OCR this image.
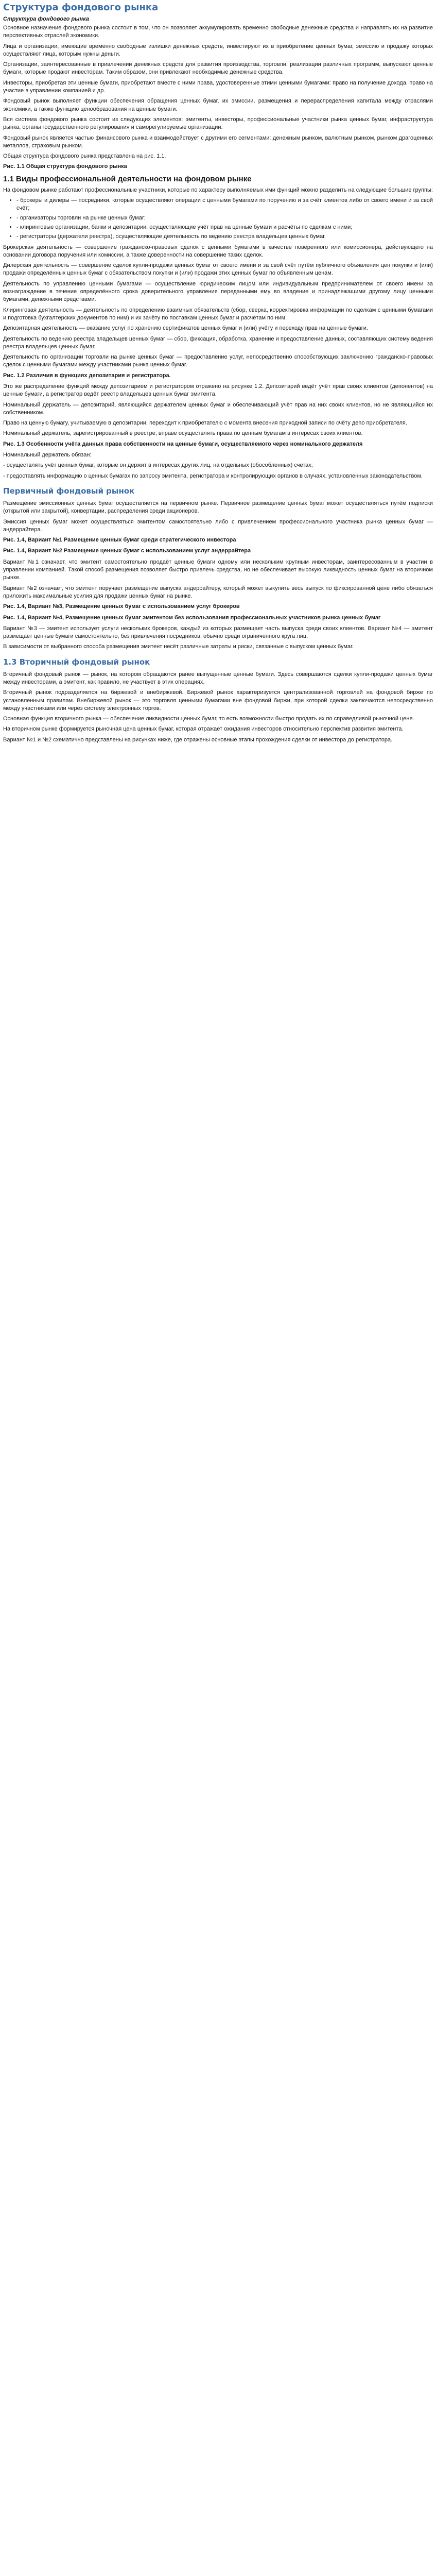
Структура фондового рынка
Структура фондового рынка

Основное назначение фондового рынка состоит в том, что он позволяет аккумулировать временно свободные денежные средства и направлять их на развитие перспективных отраслей экономики.

Лица и организации, имеющие временно свободные излишки денежных средств, инвестируют их в приобретение ценных бумаг, эмиссию и продажу которых осуществляют лица, которым нужны деньги.

Организации, заинтересованные в привлечении денежных средств для развития производства, торговли, реализации различных программ, выпускают ценные бумаги, которые продают инвесторам. Таким образом, они привлекают необходимые денежные средства.

Инвесторы, приобретая эти ценные бумаги, приобретают вместе с ними права, удостоверенные этими ценными бумагами: право на получение дохода, право на участие в управлении компанией и др.

Фондовый рынок выполняет функции обеспечения обращения ценных бумаг, их эмиссии, размещения и перераспределения капитала между отраслями экономики, а также функцию ценообразования на ценные бумаги.

Вся система фондового рынка состоит из следующих элементов: эмитенты, инвесторы, профессиональные участники рынка ценных бумаг, инфраструктура рынка, органы государственного регулирования и саморегулируемые организации.

Фондовый рынок является частью финансового рынка и взаимодействует с другими его сегментами: денежным рынком, валютным рынком, рынком драгоценных металлов, страховым рынком.

Общая структура фондового рынка представлена на рис. 1.1.

Рис. 1.1 Общая структура фондового рынка

1.1 Виды профессиональной деятельности на фондовом рынке

На фондовом рынке работают профессиональные участники, которые по характеру выполняемых ими функций можно разделить на следующие большие группы:

• - брокеры и дилеры — посредники, которые осуществляют операции с ценными бумагами по поручению и за счёт клиентов либо от своего имени и за свой счёт;
• - организаторы торговли на рынке ценных бумаг;
• - клиринговые организации, банки и депозитарии, осуществляющие учёт прав на ценные бумаги и расчёты по сделкам с ними;
• - регистраторы (держатели реестра), осуществляющие деятельность по ведению реестра владельцев ценных бумаг.

Брокерская деятельность — совершение гражданско-правовых сделок с ценными бумагами в качестве поверенного или комиссионера, действующего на основании договора поручения или комиссии, а также доверенности на совершение таких сделок.

Дилерская деятельность — совершение сделок купли-продажи ценных бумаг от своего имени и за свой счёт путём публичного объявления цен покупки и (или) продажи определённых ценных бумаг с обязательством покупки и (или) продажи этих ценных бумаг по объявленным ценам.

Деятельность по управлению ценными бумагами — осуществление юридическим лицом или индивидуальным предпринимателем от своего имени за вознаграждение в течение определённого срока доверительного управления переданными ему во владение и принадлежащими другому лицу ценными бумагами, денежными средствами.

Клиринговая деятельность — деятельность по определению взаимных обязательств (сбор, сверка, корректировка информации по сделкам с ценными бумагами и подготовка бухгалтерских документов по ним) и их зачёту по поставкам ценных бумаг и расчётам по ним.

Депозитарная деятельность — оказание услуг по хранению сертификатов ценных бумаг и (или) учёту и переходу прав на ценные бумаги.

Деятельность по ведению реестра владельцев ценных бумаг — сбор, фиксация, обработка, хранение и предоставление данных, составляющих систему ведения реестра владельцев ценных бумаг.

Деятельность по организации торговли на рынке ценных бумаг — предоставление услуг, непосредственно способствующих заключению гражданско-правовых сделок с ценными бумагами между участниками рынка ценных бумаг.

Рис. 1.2 Различия в функциях депозитария и регистратора.

Это же распределение функций между депозитарием и регистратором отражено на рисунке 1.2. Депозитарий ведёт учёт прав своих клиентов (депонентов) на ценные бумаги, а регистратор ведёт реестр владельцев ценных бумаг эмитента.

Номинальный держатель — депозитарий, являющийся держателем ценных бумаг и обеспечивающий учёт прав на них своих клиентов, но не являющийся их собственником.

Право на ценную бумагу, учитываемую в депозитарии, переходит к приобретателю с момента внесения приходной записи по счёту депо приобретателя.

Номинальный держатель, зарегистрированный в реестре, вправе осуществлять права по ценным бумагам в интересах своих клиентов.

Рис. 1.3 Особенности учёта данных права собственности на ценные бумаги, осуществляемого через номинального держателя

Номинальный держатель обязан:

- осуществлять учёт ценных бумаг, которые он держит в интересах других лиц, на отдельных (обособленных) счетах;

- предоставлять информацию о ценных бумагах по запросу эмитента, регистратора и контролирующих органов в случаях, установленных законодательством.

Первичный фондовый рынок

Размещение эмиссионных ценных бумаг осуществляется на первичном рынке. Первичное размещение ценных бумаг может осуществляться путём подписки (открытой или закрытой), конвертации, распределения среди акционеров.

Эмиссия ценных бумаг может осуществляться эмитентом самостоятельно либо с привлечением профессионального участника рынка ценных бумаг — андеррайтера.

Рис. 1.4, Вариант №1 Размещение ценных бумаг среди стратегического инвестора

Рис. 1.4, Вариант №2 Размещение ценных бумаг с использованием услуг андеррайтера

Вариант №1 означает, что эмитент самостоятельно продаёт ценные бумаги одному или нескольким крупным инвесторам, заинтересованным в участии в управлении компанией. Такой способ размещения позволяет быстро привлечь средства, но не обеспечивает высокую ликвидность ценных бумаг на вторичном рынке.

Вариант №2 означает, что эмитент поручает размещение выпуска андеррайтеру, который может выкупить весь выпуск по фиксированной цене либо обязаться приложить максимальные усилия для продажи ценных бумаг на рынке.

Рис. 1.4, Вариант №3, Размещение ценных бумаг с использованием услуг брокеров

Рис. 1.4, Вариант №4, Размещение ценных бумаг эмитентом без использования профессиональных участников рынка ценных бумаг

Вариант №3 — эмитент использует услуги нескольких брокеров, каждый из которых размещает часть выпуска среди своих клиентов. Вариант №4 — эмитент размещает ценные бумаги самостоятельно, без привлечения посредников, обычно среди ограниченного круга лиц.

В зависимости от выбранного способа размещения эмитент несёт различные затраты и риски, связанные с выпуском ценных бумаг.

1.3 Вторичный фондовый рынок

Вторичный фондовый рынок — рынок, на котором обращаются ранее выпущенные ценные бумаги. Здесь совершаются сделки купли-продажи ценных бумаг между инвесторами, а эмитент, как правило, не участвует в этих операциях.

Вторичный рынок подразделяется на биржевой и внебиржевой. Биржевой рынок характеризуется централизованной торговлей на фондовой бирже по установленным правилам. Внебиржевой рынок — это торговля ценными бумагами вне фондовой биржи, при которой сделки заключаются непосредственно между участниками или через систему электронных торгов.

Основная функция вторичного рынка — обеспечение ликвидности ценных бумаг, то есть возможности быстро продать их по справедливой рыночной цене.

На вторичном рынке формируется рыночная цена ценных бумаг, которая отражает ожидания инвесторов относительно перспектив развития эмитента.

Вариант №1 и №2 схематично представлены на рисунках ниже, где отражены основные этапы прохождения сделки от инвестора до регистратора.
